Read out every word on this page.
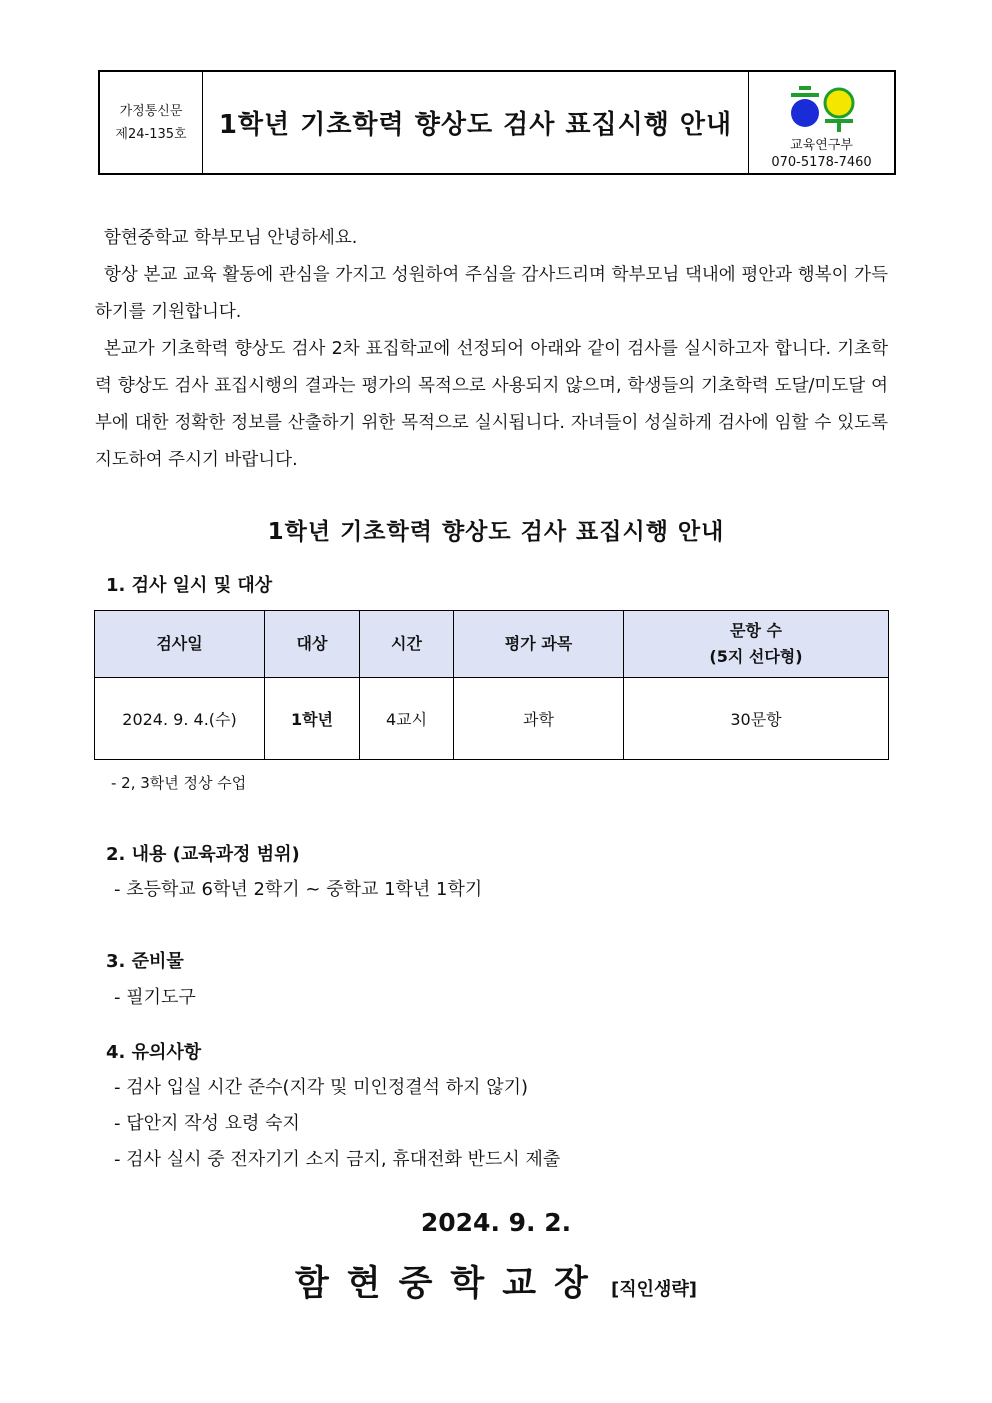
가정통신문
제24-135호	1학년 기초학력 향상도 검사 표집시행 안내
교육연구부
070-5178-7460

함현중학교 학부모님 안녕하세요.

항상 본교 교육 활동에 관심을 가지고 성원하여 주심을 감사드리며 학부모님 댁내에 평안과 행복이 가득하기를 기원합니다.

본교가 기초학력 향상도 검사 2차 표집학교에 선정되어 아래와 같이 검사를 실시하고자 합니다. 기초학력 향상도 검사 표집시행의 결과는 평가의 목적으로 사용되지 않으며, 학생들의 기초학력 도달/미도달 여부에 대한 정확한 정보를 산출하기 위한 목적으로 실시됩니다. 자녀들이 성실하게 검사에 임할 수 있도록 지도하여 주시기 바랍니다.

1학년 기초학력 향상도 검사 표집시행 안내
1. 검사 일시 및 대상
검사일	대상	시간	평가 과목	문항 수
(5지 선다형)

2024. 9. 4.(수)	1학년	4교시	과학	30문항
- 2, 3학년 정상 수업
2. 내용 (교육과정 범위)
- 초등학교 6학년 2학기 ~ 중학교 1학년 1학기
3. 준비물
- 필기도구
4. 유의사항
- 검사 입실 시간 준수(지각 및 미인정결석 하지 않기)
- 답안지 작성 요령 숙지
- 검사 실시 중 전자기기 소지 금지, 휴대전화 반드시 제출
2024. 9. 2.
함현중학교장 [직인생략]
